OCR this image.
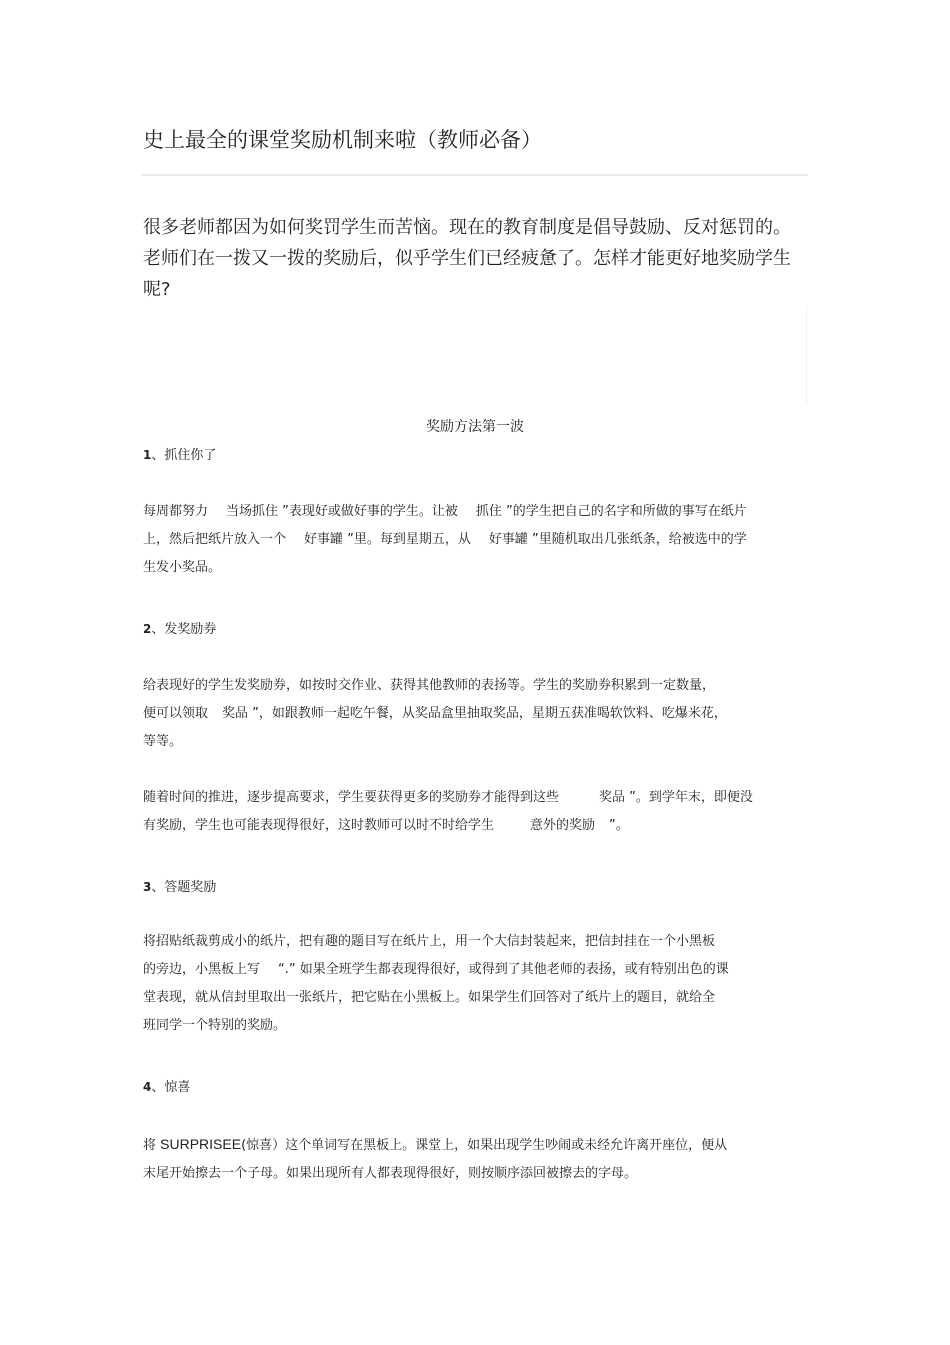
史上最全的课堂奖励机制来啦（教师必备）
很多老师都因为如何奖罚学生而苦恼。现在的教育制度是倡导鼓励、反对惩罚的。老师们在一拨又一拨的奖励后，似乎学生们已经疲惫了。怎样才能更好地奖励学生呢?
奖励方法第一波
1、抓住你了
每周都努力 当场抓住 ”表现好或做好事的学生。让被 抓住 ”的学生把自己的名字和所做的事写在纸片
上，然后把纸片放入一个 好事罐 ”里。每到星期五，从 好事罐 ”里随机取出几张纸条，给被选中的学
生发小奖品。
2、发奖励券
给表现好的学生发奖励券，如按时交作业、获得其他教师的表扬等。学生的奖励券积累到一定数量，
便可以领取 奖品 ”，如跟教师一起吃午餐，从奖品盒里抽取奖品，星期五获准喝软饮料、吃爆米花，
等等。
随着时间的推进，逐步提高要求，学生要获得更多的奖励券才能得到这些	奖品 ”。到学年末，即便没
有奖励，学生也可能表现得很好，这时教师可以时不时给学生	意外的奖励 ”。
3、答题奖励
将招贴纸裁剪成小的纸片，把有趣的题目写在纸片上，用一个大信封装起来，把信封挂在一个小黑板
的旁边，小黑板上写 “.” 如果全班学生都表现得很好，或得到了其他老师的表扬，或有特别出色的课
堂表现，就从信封里取出一张纸片，把它贴在小黑板上。如果学生们回答对了纸片上的题目，就给全
班同学一个特别的奖励。
4、惊喜
将 SURPRISEE(惊喜）这个单词写在黑板上。课堂上，如果出现学生吵闹或未经允许离开座位，便从
末尾开始擦去一个子母。如果出现所有人都表现得很好，则按顺序添回被擦去的字母。
